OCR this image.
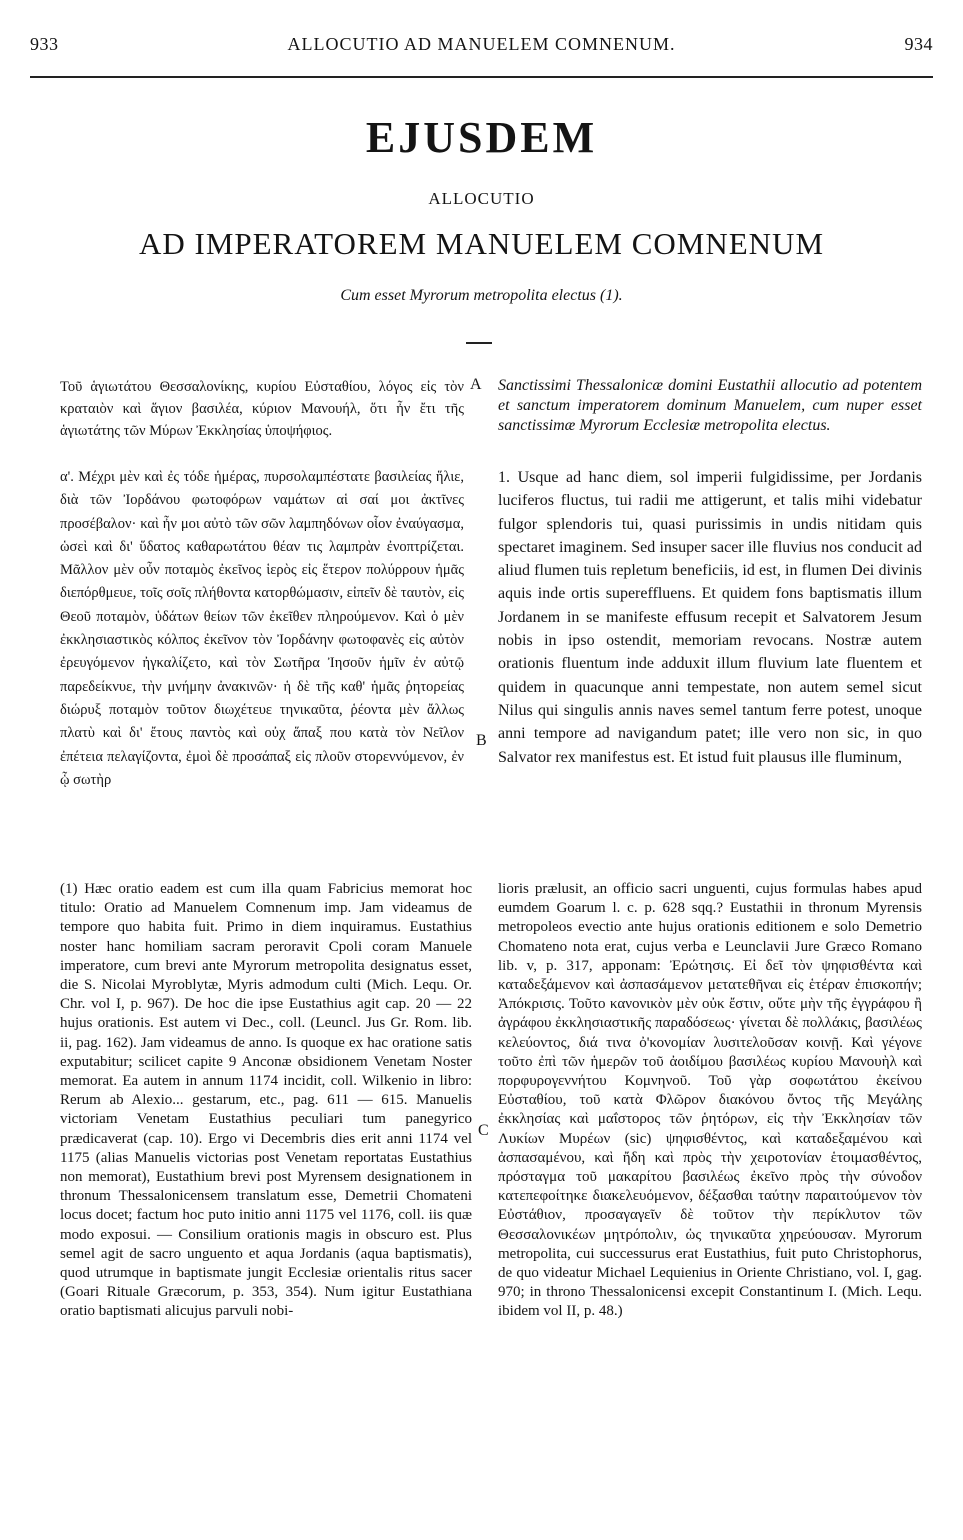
933	ALLOCUTIO AD MANUELEM COMNENUM.	934
EJUSDEM
ALLOCUTIO
AD IMPERATOREM MANUELEM COMNENUM
Cum esset Myrorum metropolita electus (1).
A
B
C

Τοῦ ἁγιωτάτου Θεσσαλονίκης, κυρίου Εὐσταθίου, λόγος εἰς τὸν κραταιὸν καὶ ἅγιον βασιλέα, κύριον Μανουήλ, ὅτι ἦν ἔτι τῆς ἁγιωτάτης τῶν Μύρων Ἐκκλησίας ὑποψήφιος.

Sanctissimi Thessalonicæ domini Eustathii allocutio ad potentem et sanctum imperatorem dominum Manuelem, cum nuper esset sanctissimæ Myrorum Ecclesiæ metropolita electus.

α'. Μέχρι μὲν καὶ ἐς τόδε ἡμέρας, πυρσολαμπέστατε βασιλείας ἥλιε, διὰ τῶν Ἰορδάνου φωτοφόρων ναμάτων αἱ σαί μοι ἀκτῖνες προσέβαλον· καὶ ἦν μοι αὐτὸ τῶν σῶν λαμπηδόνων οἷον ἐναύγασμα, ὡσεὶ καὶ δι' ὕδατος καθαρωτάτου θέαν τις λαμπρὰν ἐνοπτρίζεται. Μᾶλλον μὲν οὖν ποταμὸς ἐκεῖνος ἱερὸς εἰς ἕτερον πολύρρουν ἡμᾶς διεπόρθμευε, τοῖς σοῖς πλήθοντα κατορθώμασιν, εἰπεῖν δὲ ταυτὸν, εἰς Θεοῦ ποταμὸν, ὑδάτων θείων τῶν ἐκεῖθεν πληρούμενον. Καὶ ὁ μὲν ἐκκλησιαστικὸς κόλπος ἐκεῖνον τὸν Ἰορδάνην φωτοφανὲς εἰς αὐτὸν ἐρευγόμενον ἠγκαλίζετο, καὶ τὸν Σωτῆρα Ἰησοῦν ἡμῖν ἐν αὐτῷ παρεδείκνυε, τὴν μνήμην ἀνακινῶν· ἡ δὲ τῆς καθ' ἡμᾶς ῥητορείας διώρυξ ποταμὸν τοῦτον διωχέτευε τηνικαῦτα, ῥέοντα μὲν ἄλλως πλατὺ καὶ δι' ἔτους παντὸς καὶ οὐχ ἅπαξ που κατὰ τὸν Νεῖλον ἐπέτεια πελαγίζοντα, ἐμοὶ δὲ προσάπαξ εἰς πλοῦν στορεννύμενον, ἐν ᾧ σωτὴρ

1. Usque ad hanc diem, sol imperii fulgidissime, per Jordanis luciferos fluctus, tui radii me attigerunt, et talis mihi videbatur fulgor splendoris tui, quasi purissimis in undis nitidam quis spectaret imaginem. Sed insuper sacer ille fluvius nos conducit ad aliud flumen tuis repletum beneficiis, id est, in flumen Dei divinis aquis inde ortis supereffluens. Et quidem fons baptismatis illum Jordanem in se manifeste effusum recepit et Salvatorem Jesum nobis in ipso ostendit, memoriam revocans. Nostræ autem orationis fluentum inde adduxit illum fluvium late fluentem et quidem in quacunque anni tempestate, non autem semel sicut Nilus qui singulis annis naves semel tantum ferre potest, unoque anni tempore ad navigandum patet; ille vero non sic, in quo Salvator rex manifestus est. Et istud fuit plausus ille fluminum,

(1) Hæc oratio eadem est cum illa quam Fabricius memorat hoc titulo: Oratio ad Manuelem Comnenum imp. Jam videamus de tempore quo habita fuit. Primo in diem inquiramus. Eustathius noster hanc homiliam sacram peroravit Cpoli coram Manuele imperatore, cum brevi ante Myrorum metropolita designatus esset, die S. Nicolai Myroblytæ, Myris admodum culti (Mich. Lequ. Or. Chr. vol I, p. 967). De hoc die ipse Eustathius agit cap. 20 — 22 hujus orationis. Est autem vi Dec., coll. (Leuncl. Jus Gr. Rom. lib. ii, pag. 162). Jam videamus de anno. Is quoque ex hac oratione satis exputabitur; scilicet capite 9 Anconæ obsidionem Venetam Noster memorat. Ea autem in annum 1174 incidit, coll. Wilkenio in libro: Rerum ab Alexio... gestarum, etc., pag. 611 — 615. Manuelis victoriam Venetam Eustathius peculiari tum panegyrico prædicaverat (cap. 10). Ergo vi Decembris dies erit anni 1174 vel 1175 (alias Manuelis victorias post Venetam reportatas Eustathius non memorat), Eustathium brevi post Myrensem designationem in thronum Thessalonicensem translatum esse, Demetrii Chomateni locus docet; factum hoc puto initio anni 1175 vel 1176, coll. iis quæ modo exposui. — Consilium orationis magis in obscuro est. Plus semel agit de sacro unguento et aqua Jordanis (aqua baptismatis), quod utrumque in baptismate jungit Ecclesiæ orientalis ritus sacer (Goari Rituale Græcorum, p. 353, 354). Num igitur Eustathiana oratio baptismati alicujus parvuli nobi-

lioris prælusit, an officio sacri unguenti, cujus formulas habes apud eumdem Goarum l. c. p. 628 sqq.? Eustathii in thronum Myrensis metropoleos evectio ante hujus orationis editionem e solo Demetrio Chomateno nota erat, cujus verba e Leunclavii Jure Græco Romano lib. v, p. 317, apponam: Ἐρώτησις. Εἰ δεῖ τὸν ψηφισθέντα καὶ καταδεξάμενον καὶ ἀσπασάμενον μετατεθῆναι εἰς ἑτέραν ἐπισκοπήν; Ἀπόκρισις. Τοῦτο κανονικὸν μὲν οὐκ ἔστιν, οὔτε μὴν τῆς ἐγγράφου ἢ ἀγράφου ἐκκλησιαστικῆς παραδόσεως· γίνεται δὲ πολλάκις, βασιλέως κελεύοντος, διά τινα ὀ'κονομίαν λυσιτελοῦσαν κοινῇ. Καὶ γέγονε τοῦτο ἐπὶ τῶν ἡμερῶν τοῦ ἀοιδίμου βασιλέως κυρίου Μανουὴλ καὶ πορφυρογεννήτου Κομνηνοῦ. Τοῦ γὰρ σοφωτάτου ἐκείνου Εὐσταθίου, τοῦ κατὰ Φλῶρον διακόνου ὄντος τῆς Μεγάλης ἐκκλησίας καὶ μαΐστορος τῶν ῥητόρων, εἰς τὴν Ἐκκλησίαν τῶν Λυκίων Μυρέων (sic) ψηφισθέντος, καὶ καταδεξαμένου καὶ ἀσπασαμένου, καὶ ἤδη καὶ πρὸς τὴν χειροτονίαν ἑτοιμασθέντος, πρόσταγμα τοῦ μακαρίτου βασιλέως ἐκεῖνο πρὸς τὴν σύνοδον κατεπεφοίτηκε διακελευόμενον, δέξασθαι ταύτην παραιτούμενον τὸν Εὐστάθιον, προσαγαγεῖν δὲ τοῦτον τὴν περίκλυτον τῶν Θεσσαλονικέων μητρόπολιν, ὡς τηνικαῦτα χηρεύουσαν. Myrorum metropolita, cui successurus erat Eustathius, fuit puto Christophorus, de quo videatur Michael Lequienius in Oriente Christiano, vol. I, gag. 970; in throno Thessalonicensi excepit Constantinum I. (Mich. Lequ. ibidem vol II, p. 48.)
